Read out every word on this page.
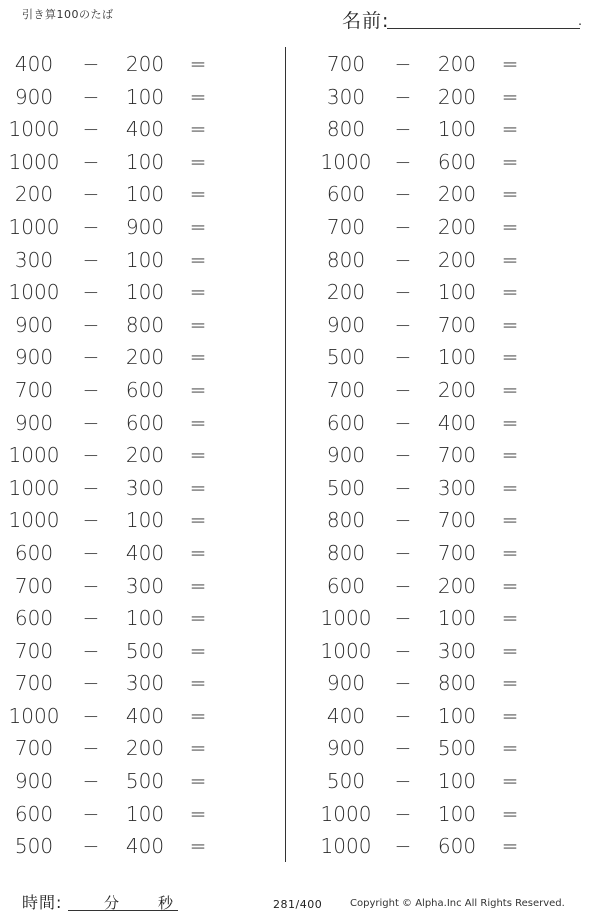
引き算100のたば	名前:	.
400	−	200	=
900	−	100	=
1000 −	400	=
1000 −	100	=
200	−	100	=
1000 −	900	=
300	−	100	=
1000 −	100	=
900	−	800	=
900	−	200	=
700	−	600	=
900	−	600	=
1000 −	200	=
1000 −	300	=
1000 −	100	=
600	−	400	=
700	−	300	=
600	−	100	=
700	−	500	=
700	−	300	=
1000 −	400	=
700	−	200	=
900	−	500	=
600	−	100	=
500	−	400	=
700	−	200	=
300	−	200	=
800	−	100	=
1000 −	600	=
600	−	200	=
700	−	200	=
800	−	200	=
200	−	100	=
900	−	700	=
500	−	100	=
700	−	200	=
600	−	400	=
900	−	700	=
500	−	300	=
800	−	700	=
800	−	700	=
600	−	200	=
1000 −	100	=
1000 −	300	=
900	−	800	=
400	−	100	=
900	−	500	=
500	−	100	=
1000 −	100	=
1000 −	600	=
時間:	分	秒	281/400	Copyright © Alpha.Inc All Rights Reserved.
